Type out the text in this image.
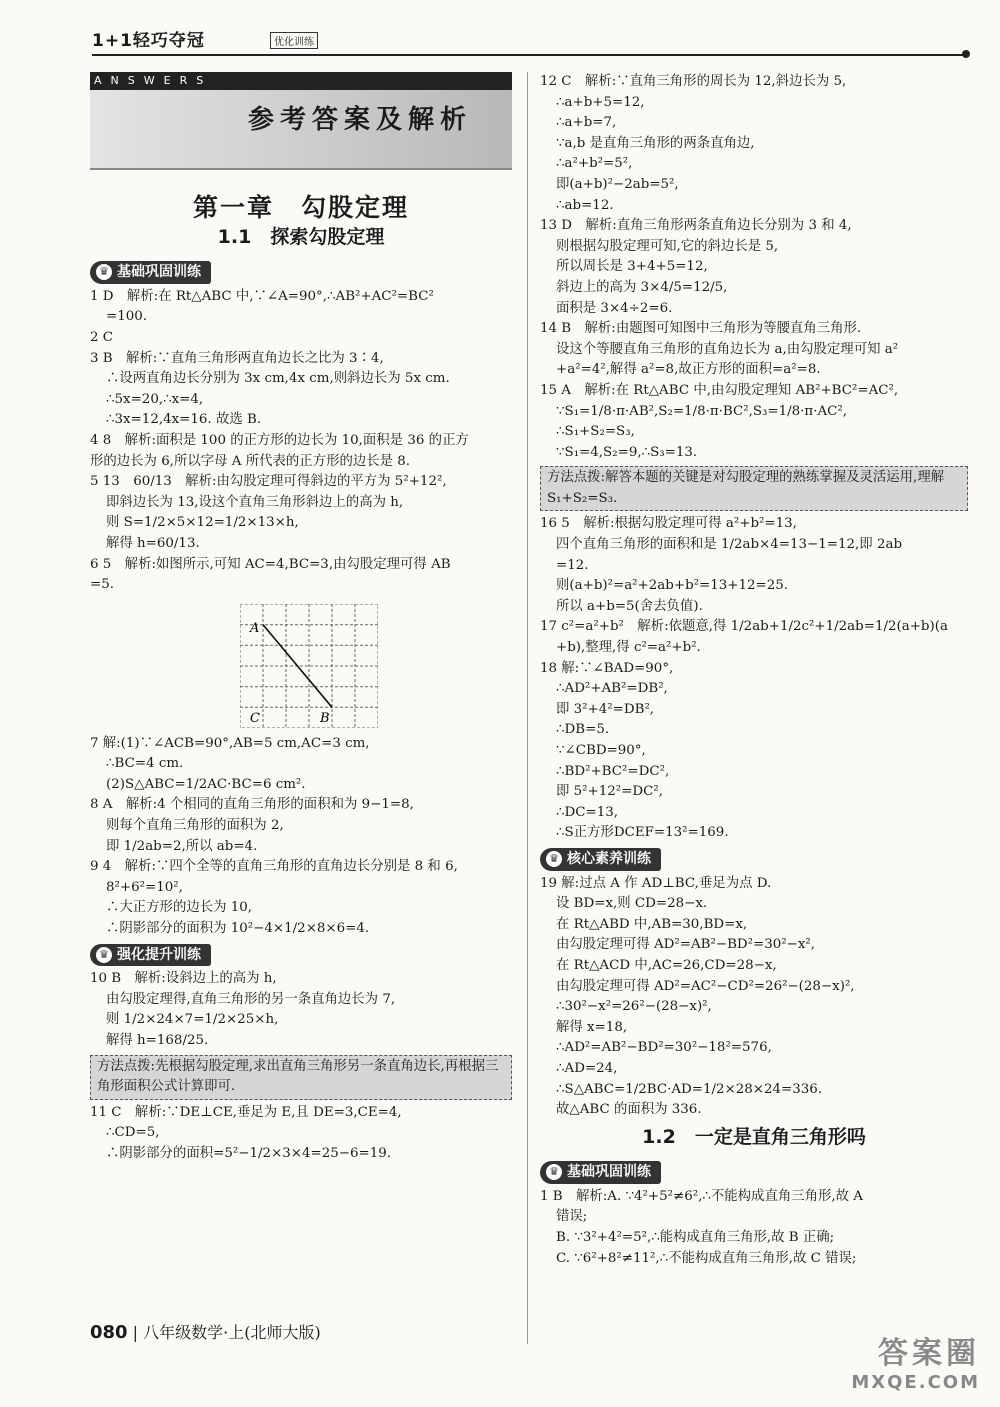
1+1轻巧夺冠	优化训练
ANSWERS
参考答案及解析
第一章　勾股定理
1.1　探索勾股定理
♛ 基础巩固训练

1 D　解析:在 Rt△ABC 中,∵∠A=90°,∴AB²+AC²=BC²

=100.

2 C

3 B　解析:∵直角三角形两直角边长之比为 3∶4,

∴设两直角边长分别为 3x cm,4x cm,则斜边长为 5x cm.

∴5x=20,∴x=4,

∴3x=12,4x=16. 故选 B.

4 8　解析:面积是 100 的正方形的边长为 10,面积是 36 的正方

形的边长为 6,所以字母 A 所代表的正方形的边长是 8.

5 13　60/13　解析:由勾股定理可得斜边的平方为 5²+12²,

即斜边长为 13,设这个直角三角形斜边上的高为 h,

则 S=1/2×5×12=1/2×13×h,

解得 h=60/13.

6 5　解析:如图所示,可知 AC=4,BC=3,由勾股定理可得 AB

=5.

A
C	B

7 解:(1)∵∠ACB=90°,AB=5 cm,AC=3 cm,

∴BC=4 cm.

(2)S△ABC=1/2AC·BC=6 cm².

8 A　解析:4 个相同的直角三角形的面积和为 9−1=8,

则每个直角三角形的面积为 2,

即 1/2ab=2,所以 ab=4.

9 4　解析:∵四个全等的直角三角形的直角边长分别是 8 和 6,

8²+6²=10²,

∴大正方形的边长为 10,

∴阴影部分的面积为 10²−4×1/2×8×6=4.

♛ 强化提升训练

10 B　解析:设斜边上的高为 h,

由勾股定理得,直角三角形的另一条直角边长为 7,

则 1/2×24×7=1/2×25×h,

解得 h=168/25.

方法点拨:先根据勾股定理,求出直角三角形另一条直角边长,再根据三角形面积公式计算即可.

11 C　解析:∵DE⊥CE,垂足为 E,且 DE=3,CE=4,

∴CD=5,

∴阴影部分的面积=5²−1/2×3×4=25−6=19.

12 C　解析:∵直角三角形的周长为 12,斜边长为 5,

∴a+b+5=12,

∴a+b=7,

∵a,b 是直角三角形的两条直角边,

∴a²+b²=5²,

即(a+b)²−2ab=5²,

∴ab=12.

13 D　解析:直角三角形两条直角边长分别为 3 和 4,

则根据勾股定理可知,它的斜边长是 5,

所以周长是 3+4+5=12,

斜边上的高为 3×4/5=12/5,

面积是 3×4÷2=6.

14 B　解析:由题图可知图中三角形为等腰直角三角形.

设这个等腰直角三角形的直角边长为 a,由勾股定理可知 a²

+a²=4²,解得 a²=8,故正方形的面积=a²=8.

15 A　解析:在 Rt△ABC 中,由勾股定理知 AB²+BC²=AC²,

∵S₁=1/8·π·AB²,S₂=1/8·π·BC²,S₃=1/8·π·AC²,

∴S₁+S₂=S₃,

∵S₁=4,S₂=9,∴S₃=13.

方法点拨:解答本题的关键是对勾股定理的熟练掌握及灵活运用,理解 S₁+S₂=S₃.

16 5　解析:根据勾股定理可得 a²+b²=13,

四个直角三角形的面积和是 1/2ab×4=13−1=12,即 2ab

=12.

则(a+b)²=a²+2ab+b²=13+12=25.

所以 a+b=5(舍去负值).

17 c²=a²+b²　解析:依题意,得 1/2ab+1/2c²+1/2ab=1/2(a+b)(a

+b),整理,得 c²=a²+b².

18 解:∵∠BAD=90°,

∴AD²+AB²=DB²,

即 3²+4²=DB²,

∴DB=5.

∵∠CBD=90°,

∴BD²+BC²=DC²,

即 5²+12²=DC²,

∴DC=13,

∴S正方形DCEF=13²=169.

♛ 核心素养训练

19 解:过点 A 作 AD⊥BC,垂足为点 D.

设 BD=x,则 CD=28−x.

在 Rt△ABD 中,AB=30,BD=x,

由勾股定理可得 AD²=AB²−BD²=30²−x²,

在 Rt△ACD 中,AC=26,CD=28−x,

由勾股定理可得 AD²=AC²−CD²=26²−(28−x)²,

∴30²−x²=26²−(28−x)²,

解得 x=18,

∴AD²=AB²−BD²=30²−18²=576,

∴AD=24,

∴S△ABC=1/2BC·AD=1/2×28×24=336.

故△ABC 的面积为 336.

1.2　一定是直角三角形吗
♛ 基础巩固训练

1 B　解析:A. ∵4²+5²≠6²,∴不能构成直角三角形,故 A

错误;

B. ∵3²+4²=5²,∴能构成直角三角形,故 B 正确;

C. ∵6²+8²≠11²,∴不能构成直角三角形,故 C 错误;

080 | 八年级数学·上(北师大版)
答案圈
MXQE.COM
